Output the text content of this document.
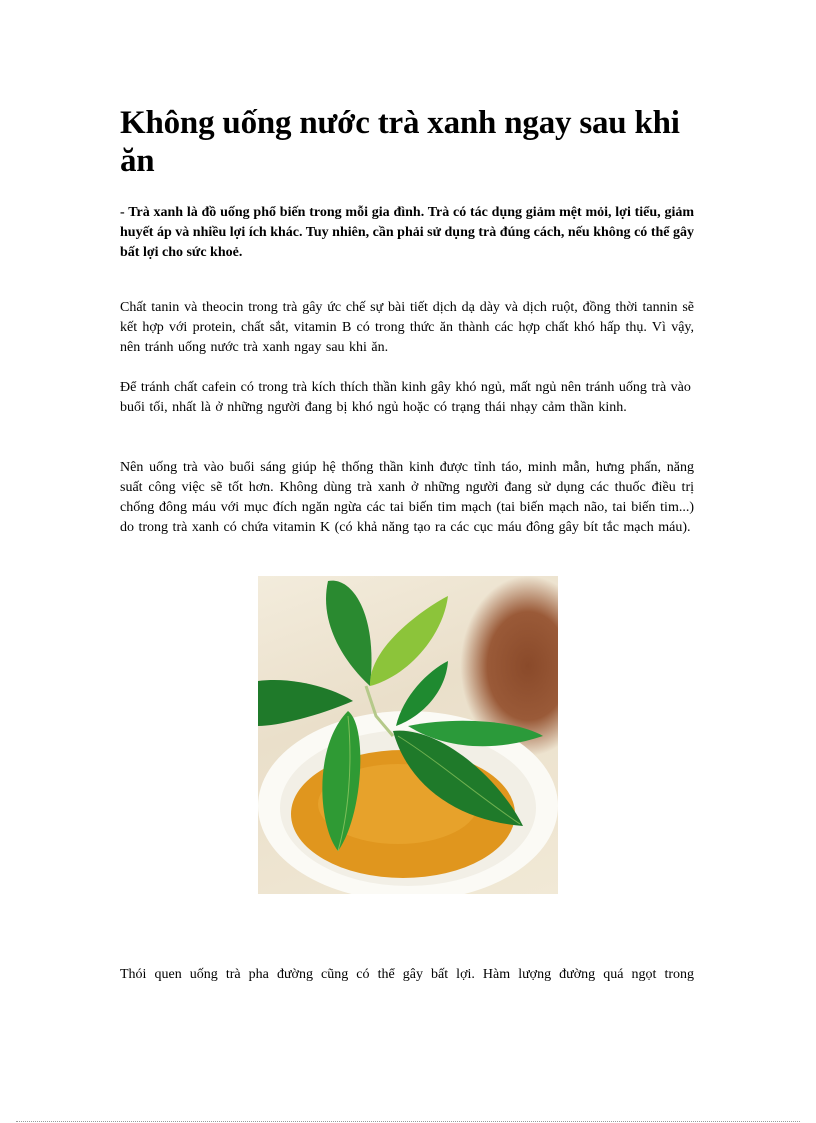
Không uống nước trà xanh ngay sau khi ăn

- Trà xanh là đồ uống phổ biến trong mỗi gia đình. Trà có tác dụng giảm mệt mỏi, lợi tiểu, giảm huyết áp và nhiều lợi ích khác. Tuy nhiên, cần phải sử dụng trà đúng cách, nếu không có thể gây bất lợi cho sức khoẻ.

Chất tanin và theocin trong trà gây ức chế sự bài tiết dịch dạ dày và dịch ruột, đồng thời tannin sẽ kết hợp với protein, chất sắt, vitamin B có trong thức ăn thành các hợp chất khó hấp thụ. Vì vậy, nên tránh uống nước trà xanh ngay sau khi ăn.

Để tránh chất cafein có trong trà kích thích thần kinh gây khó ngủ, mất ngủ nên tránh uống trà vào buổi tối, nhất là ở những người đang bị khó ngủ hoặc có trạng thái nhạy cảm thần kinh.

Nên uống trà vào buổi sáng giúp hệ thống thần kinh được tỉnh táo, minh mẫn, hưng phấn, năng suất công việc sẽ tốt hơn. Không dùng trà xanh ở những người đang sử dụng các thuốc điều trị chống đông máu với mục đích ngăn ngừa các tai biến tim mạch (tai biến mạch não, tai biến tim...) do trong trà xanh có chứa vitamin K (có khả năng tạo ra các cục máu đông gây bít tắc mạch máu).

Thói quen uống trà pha đường cũng có thể gây bất lợi. Hàm lượng đường quá ngọt trong
